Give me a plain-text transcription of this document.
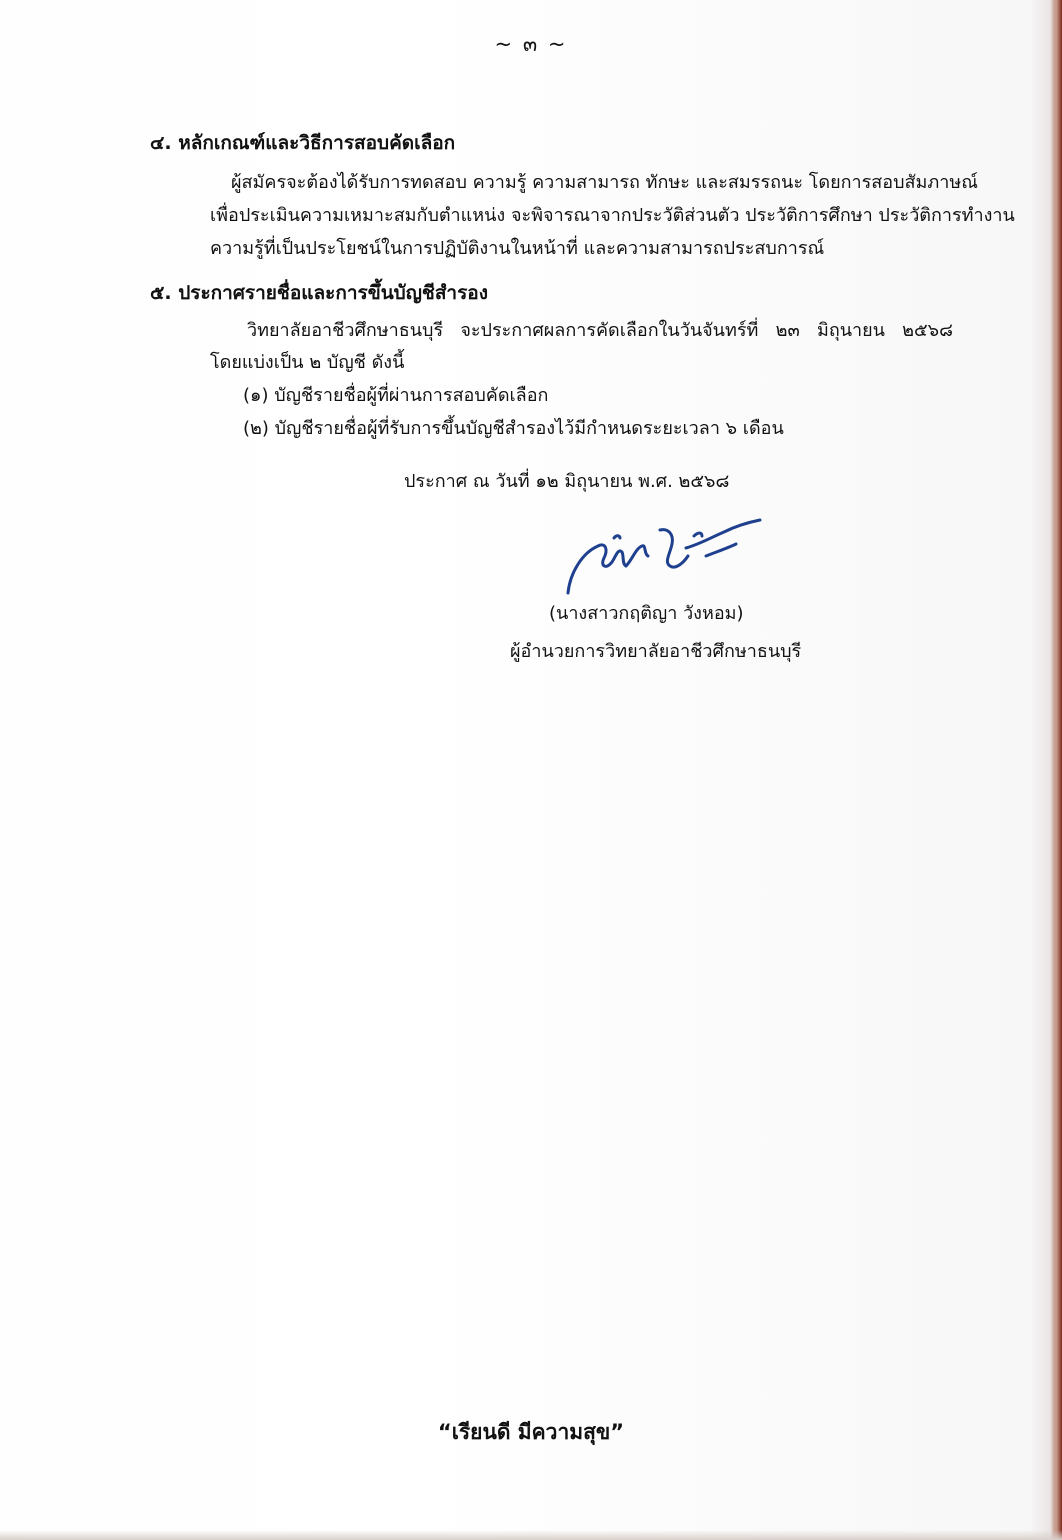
~ ๓ ~
๔. หลักเกณฑ์และวิธีการสอบคัดเลือก
ผู้สมัครจะต้องได้รับการทดสอบ ความรู้ ความสามารถ ทักษะ และสมรรถนะ โดยการสอบสัมภาษณ์
เพื่อประเมินความเหมาะสมกับตำแหน่ง จะพิจารณาจากประวัติส่วนตัว ประวัติการศึกษา ประวัติการทำงาน
ความรู้ที่เป็นประโยชน์ในการปฏิบัติงานในหน้าที่ และความสามารถประสบการณ์
๕. ประกาศรายชื่อและการขึ้นบัญชีสำรอง
วิทยาลัยอาชีวศึกษาธนบุรี จะประกาศผลการคัดเลือกในวันจันทร์ที่ ๒๓ มิถุนายน ๒๕๖๘
โดยแบ่งเป็น ๒ บัญชี ดังนี้
(๑) บัญชีรายชื่อผู้ที่ผ่านการสอบคัดเลือก
(๒) บัญชีรายชื่อผู้ที่รับการขึ้นบัญชีสำรองไว้มีกำหนดระยะเวลา ๖ เดือน
ประกาศ ณ วันที่ ๑๒ มิถุนายน พ.ศ. ๒๕๖๘
(นางสาวกฤติญา วังหอม)
ผู้อำนวยการวิทยาลัยอาชีวศึกษาธนบุรี
“เรียนดี มีความสุข”
